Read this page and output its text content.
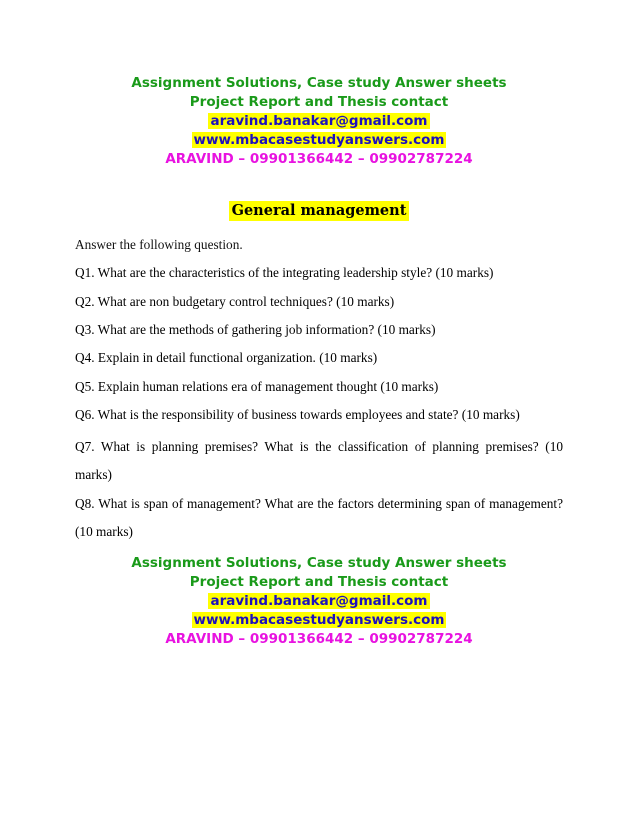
Assignment Solutions, Case study Answer sheets
Project Report and Thesis contact
aravind.banakar@gmail.com
www.mbacasestudyanswers.com
ARAVIND – 09901366442 – 09902787224
General management
Answer the following question.
Q1. What are the characteristics of the integrating leadership style? (10 marks)
Q2. What are non budgetary control techniques? (10 marks)
Q3. What are the methods of gathering job information? (10 marks)
Q4. Explain in detail functional organization. (10 marks)
Q5. Explain human relations era of management thought (10 marks)
Q6. What is the responsibility of business towards employees and state? (10 marks)
Q7. What is planning premises? What is the classification of planning premises? (10 marks)
Q8. What is span of management? What are the factors determining span of management? (10 marks)
Assignment Solutions, Case study Answer sheets
Project Report and Thesis contact
aravind.banakar@gmail.com
www.mbacasestudyanswers.com
ARAVIND – 09901366442 – 09902787224
